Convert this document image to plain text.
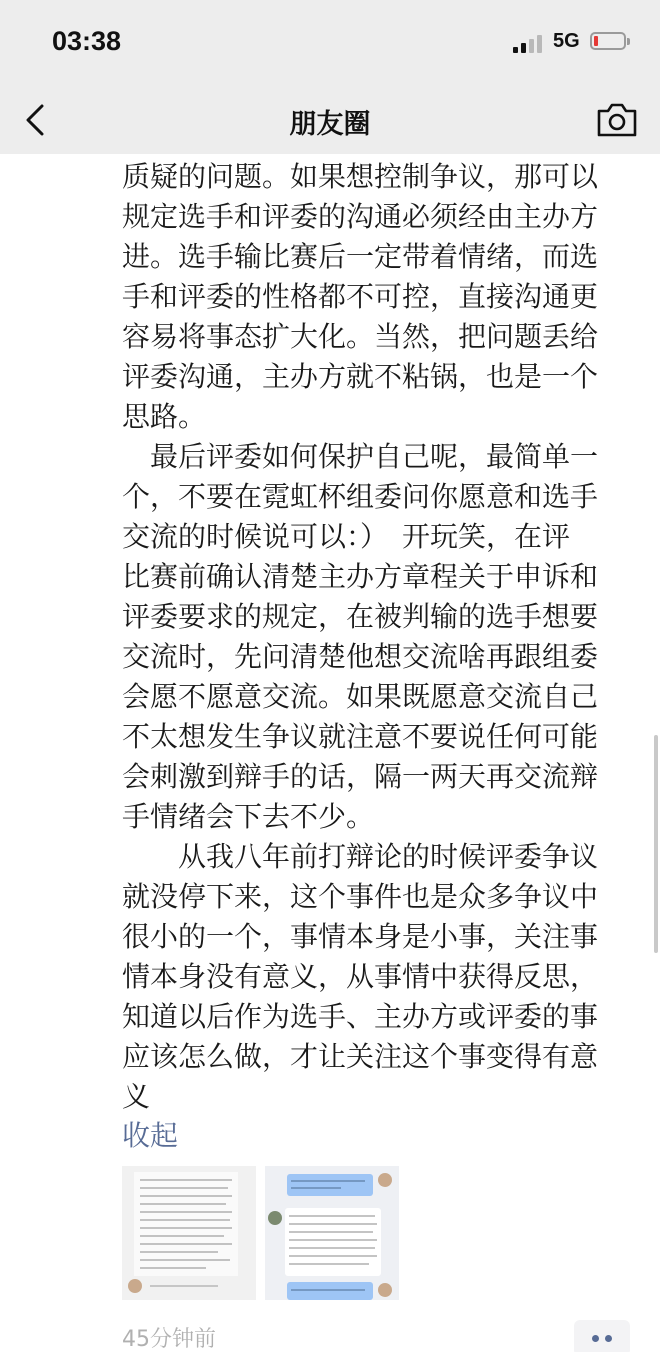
03:38	5G
朋友圈

质疑的问题。如果想控制争议，那可以

规定选手和评委的沟通必须经由主办方

进。选手输比赛后一定带着情绪，而选

手和评委的性格都不可控，直接沟通更

容易将事态扩大化。当然，把问题丢给

评委沟通，主办方就不粘锅，也是一个

思路。

　最后评委如何保护自己呢，最简单一

个，不要在霓虹杯组委问你愿意和选手

交流的时候说可以：）　开玩笑，在评

比赛前确认清楚主办方章程关于申诉和

评委要求的规定，在被判输的选手想要

交流时，先问清楚他想交流啥再跟组委

会愿不愿意交流。如果既愿意交流自己

不太想发生争议就注意不要说任何可能

会刺激到辩手的话，隔一两天再交流辩

手情绪会下去不少。

　　从我八年前打辩论的时候评委争议

就没停下来，这个事件也是众多争议中

很小的一个，事情本身是小事，关注事

情本身没有意义，从事情中获得反思，

知道以后作为选手、主办方或评委的事

应该怎么做，才让关注这个事变得有意

义

收起
45分钟前
